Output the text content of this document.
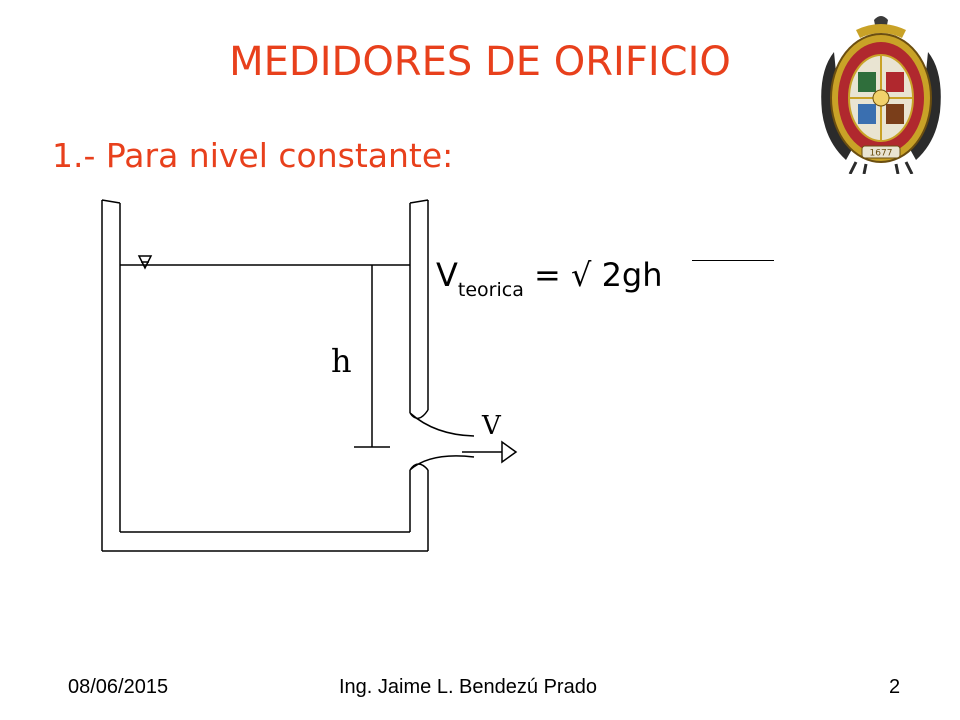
MEDIDORES DE ORIFICIO
1.- Para nivel constante:
$V_{teorica}$ = √ 2gh
h
V
1677
08/06/2015	Ing. Jaime L. Bendezú Prado	2
